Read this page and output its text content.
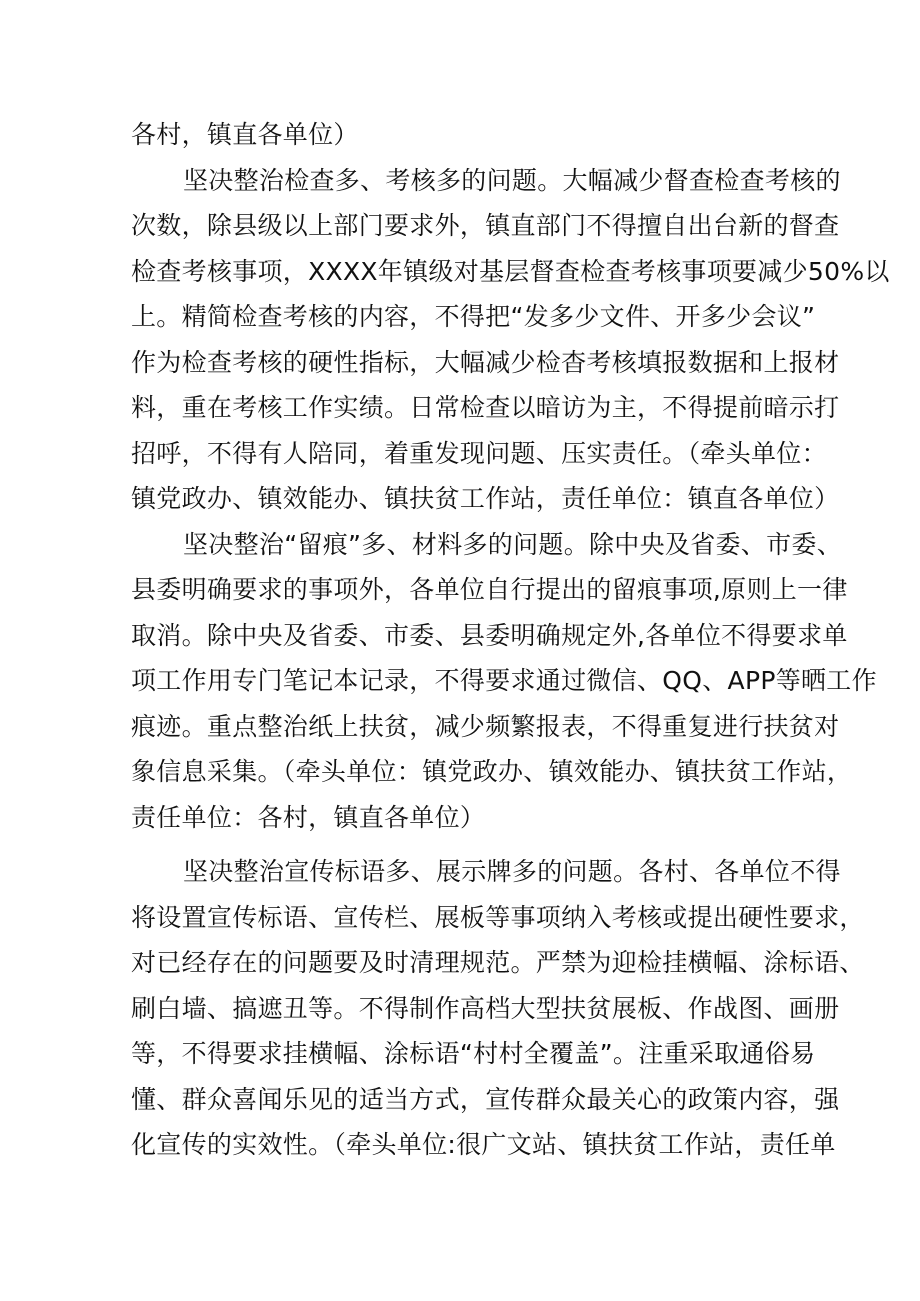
各村，镇直各单位）
坚决整治检查多、考核多的问题。大幅减少督查检查考核的
次数，除县级以上部门要求外，镇直部门不得擅自出台新的督查
检查考核事项，XXXX年镇级对基层督查检查考核事项要减少50%以
上。精简检查考核的内容，不得把“发多少文件、开多少会议”
作为检查考核的硬性指标，大幅减少检杳考核填报数据和上报材
料，重在考核工作实绩。日常检查以暗访为主，不得提前暗示打
招呼，不得有人陪同，着重发现问题、压实责任。（牵头单位：
镇党政办、镇效能办、镇扶贫工作站，责任单位：镇直各单位）
坚决整治“留痕”多、材料多的问题。除中央及省委、市委、
县委明确要求的事项外，各单位自行提出的留痕事项,原则上一律
取消。除中央及省委、市委、县委明确规定外,各单位不得要求单
项工作用专门笔记本记录，不得要求通过微信、QQ、APP等晒工作
痕迹。重点整治纸上扶贫，减少频繁报表，不得重复进行扶贫对
象信息采集。（牵头单位：镇党政办、镇效能办、镇扶贫工作站，
责任单位：各村，镇直各单位）
坚决整治宣传标语多、展示牌多的问题。各村、各单位不得
将设置宣传标语、宣传栏、展板等事项纳入考核或提出硬性要求，
对已经存在的问题要及时清理规范。严禁为迎检挂横幅、涂标语、
刷白墙、搞遮丑等。不得制作高档大型扶贫展板、作战图、画册
等，不得要求挂横幅、涂标语“村村全覆盖”。注重采取通俗易
懂、群众喜闻乐见的适当方式，宣传群众最关心的政策内容，强
化宣传的实效性。（牵头单位:很广文站、镇扶贫工作站，责任单
